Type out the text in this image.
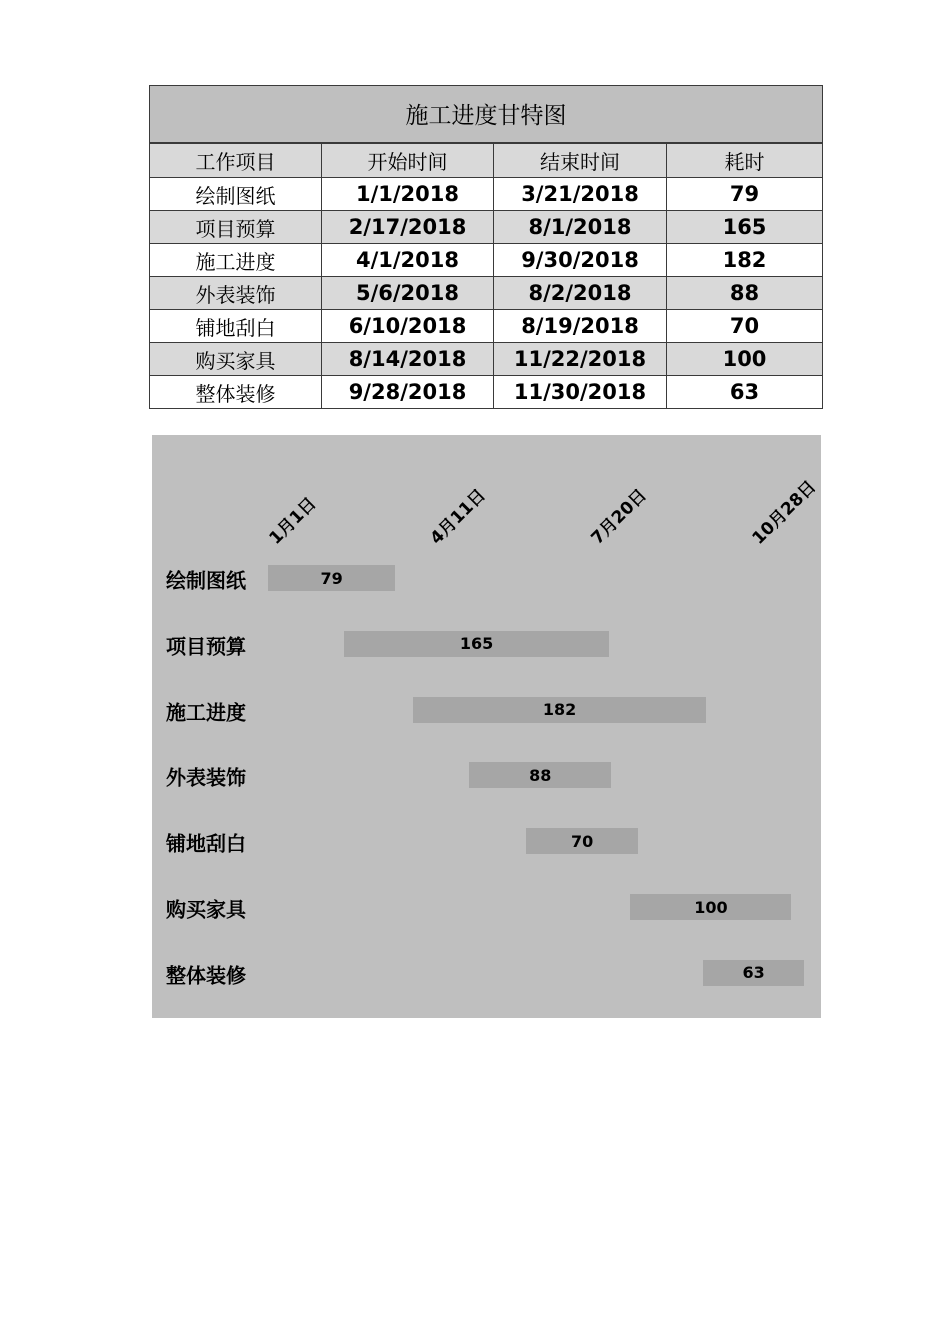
施工进度甘特图			
工作项目	开始时间	结束时间	耗时
绘制图纸	1/1/2018	3/21/2018	79
项目预算	2/17/2018	8/1/2018	165
施工进度	4/1/2018	9/30/2018	182
外表装饰	5/6/2018	8/2/2018	88
铺地刮白	6/10/2018	8/19/2018	70
购买家具	8/14/2018	11/22/2018	100
整体装修	9/28/2018	11/30/2018	63
1月1日	4月11日	7月20日	10月28日
绘制图纸	79
项目预算	165
施工进度	182
外表装饰	88
铺地刮白	70
购买家具	100
整体装修	63
